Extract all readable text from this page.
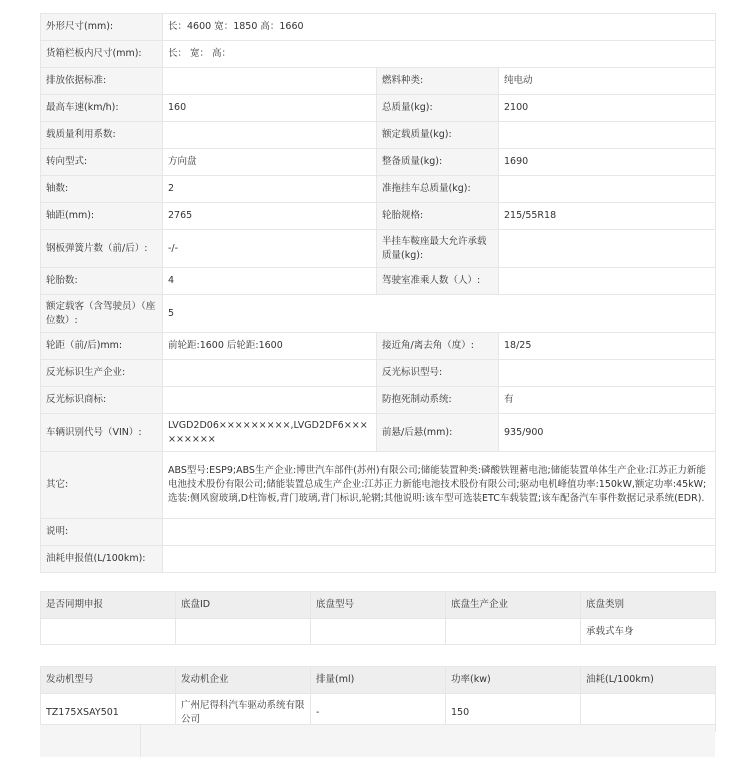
外形尺寸(mm):	长：4600 宽：1850 高：1660		
货箱栏板内尺寸(mm):	长： 宽： 高：		
排放依据标准:		燃料种类:	纯电动
最高车速(km/h):	160	总质量(kg):	2100
载质量利用系数:		额定载质量(kg):	
转向型式:	方向盘	整备质量(kg):	1690
轴数:	2	准拖挂车总质量(kg):	
轴距(mm):	2765	轮胎规格:	215/55R18
钢板弹簧片数（前/后）:	-/-	半挂车鞍座最大允许承载质量(kg):	
轮胎数:	4	驾驶室准乘人数（人）:	
额定载客（含驾驶员）（座位数）:	5		
轮距（前/后)mm:	前轮距:1600 后轮距:1600	接近角/离去角（度）:	18/25
反光标识生产企业:		反光标识型号:	
反光标识商标:		防抱死制动系统:	有
车辆识别代号（VIN）:	LVGD2D06×××××××××,LVGD2DF6×××××××××	前悬/后悬(mm):	935/900
其它:	ABS型号:ESP9;ABS生产企业:博世汽车部件(苏州)有限公司;储能装置种类:磷酸铁锂蓄电池;储能装置单体生产企业:江苏正力新能电池技术股份有限公司;储能装置总成生产企业:江苏正力新能电池技术股份有限公司;驱动电机峰值功率:150kW,额定功率:45kW;选装:侧风窗玻璃,D柱饰板,背门玻璃,背门标识,轮辋;其他说明:该车型可选装ETC车载装置;该车配备汽车事件数据记录系统(EDR).		
说明:			
油耗申报值(L/100km):			
是否同期申报	底盘ID	底盘型号	底盘生产企业	底盘类别
				承载式车身
发动机型号	发动机企业	排量(ml)	功率(kw)	油耗(L/100km)
TZ175XSAY501	广州尼得科汽车驱动系统有限公司	-	150	
